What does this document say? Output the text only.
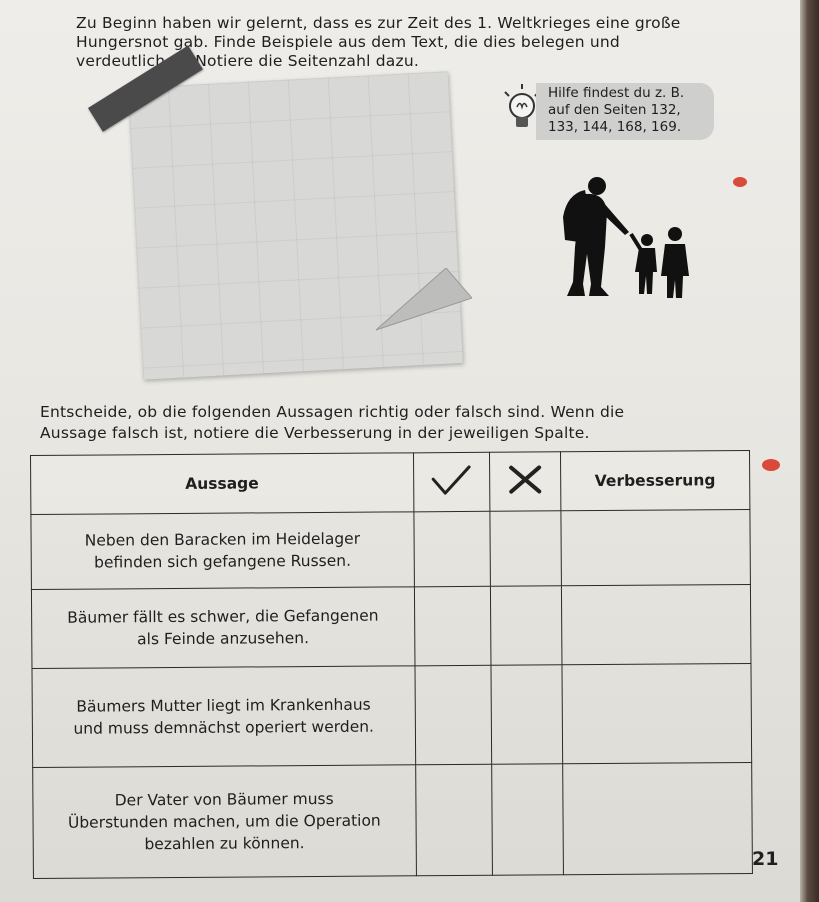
Zu Beginn haben wir gelernt, dass es zur Zeit des 1. Weltkrieges eine große
Hungersnot gab. Finde Beispiele aus dem Text, die dies belegen und
verdeutlichen. Notiere die Seitenzahl dazu.
Hilfe findest du z. B.
auf den Seiten 132,
133, 144, 168, 169.
Entscheide, ob die folgenden Aussagen richtig oder falsch sind. Wenn die
Aussage falsch ist, notiere die Verbesserung in der jeweiligen Spalte.
Aussage			Verbesserung

Neben den Baracken im Heidelager
befinden sich gefangene Russen.			

Bäumer fällt es schwer, die Gefangenen
als Feinde anzusehen.			

Bäumers Mutter liegt im Krankenhaus
und muss demnächst operiert werden.			

Der Vater von Bäumer muss
Überstunden machen, um die Operation
bezahlen zu können.			

21
